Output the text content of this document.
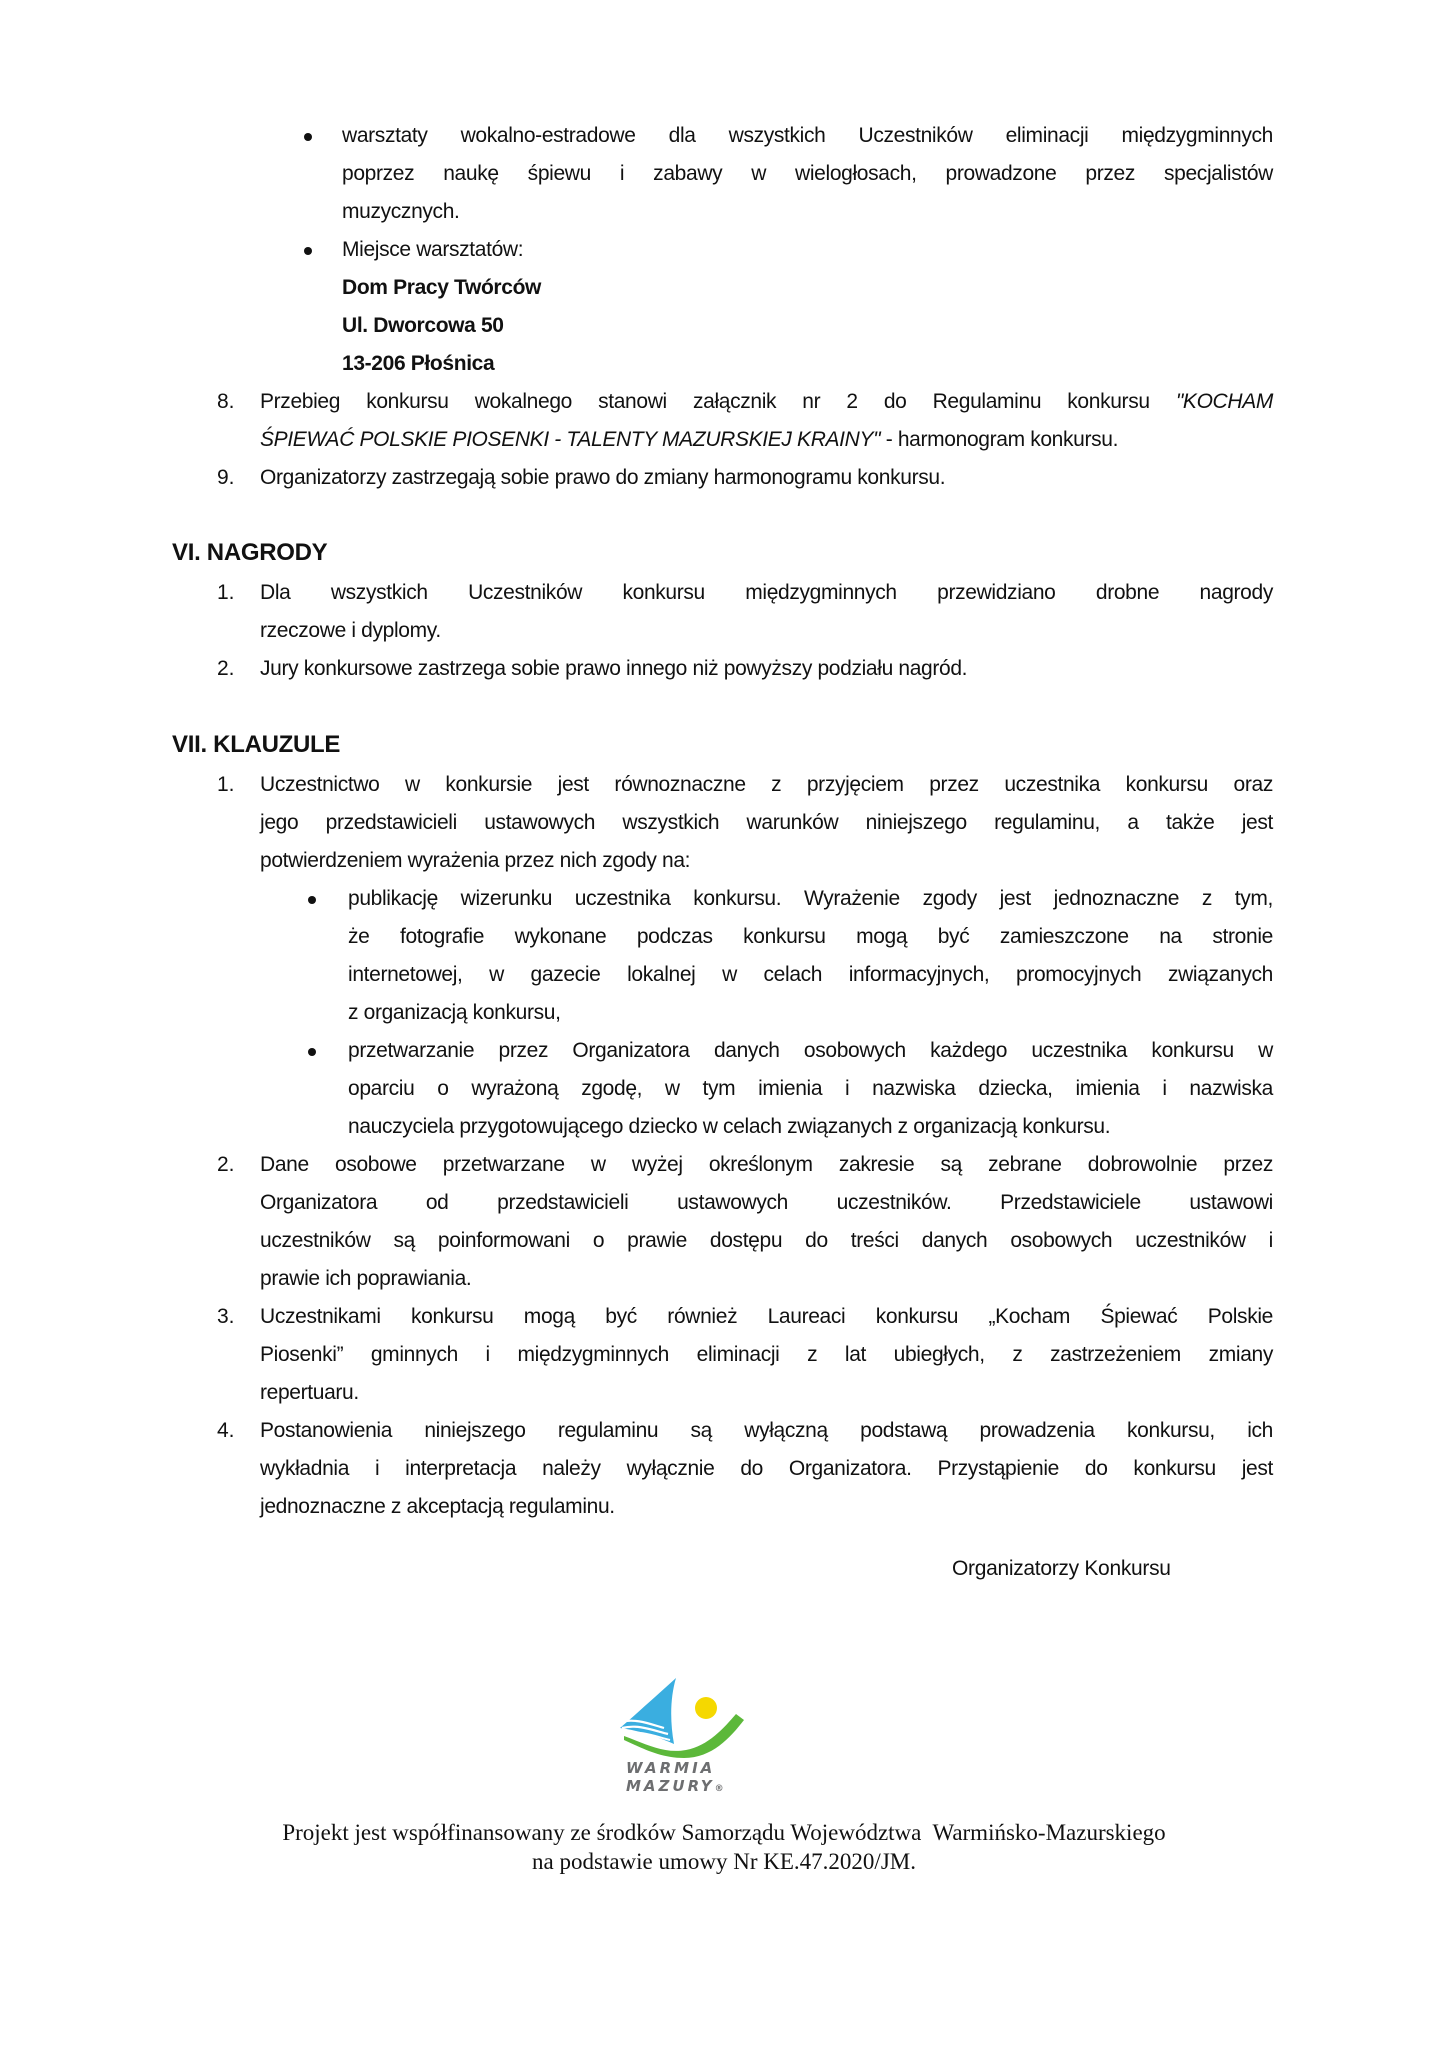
warsztaty wokalno-estradowe dla wszystkich Uczestników eliminacji międzygminnych
poprzez naukę śpiewu i zabawy w wielogłosach, prowadzone przez specjalistów
muzycznych.
Miejsce warsztatów:
Dom Pracy Twórców
Ul. Dworcowa 50
13-206 Płośnica
8. Przebieg konkursu wokalnego stanowi załącznik nr 2 do Regulaminu konkursu "KOCHAM
ŚPIEWAĆ POLSKIE PIOSENKI - TALENTY MAZURSKIEJ KRAINY" - harmonogram konkursu.
9. Organizatorzy zastrzegają sobie prawo do zmiany harmonogramu konkursu.
VI. NAGRODY
1. Dla wszystkich Uczestników konkursu międzygminnych przewidziano drobne nagrody
rzeczowe i dyplomy.
2. Jury konkursowe zastrzega sobie prawo innego niż powyższy podziału nagród.
VII. KLAUZULE
1. Uczestnictwo w konkursie jest równoznaczne z przyjęciem przez uczestnika konkursu oraz
jego przedstawicieli ustawowych wszystkich warunków niniejszego regulaminu, a także jest
potwierdzeniem wyrażenia przez nich zgody na:
publikację wizerunku uczestnika konkursu. Wyrażenie zgody jest jednoznaczne z tym,
że fotografie wykonane podczas konkursu mogą być zamieszczone na stronie
internetowej, w gazecie lokalnej w celach informacyjnych, promocyjnych związanych
z organizacją konkursu,
przetwarzanie przez Organizatora danych osobowych każdego uczestnika konkursu w
oparciu o wyrażoną zgodę, w tym imienia i nazwiska dziecka, imienia i nazwiska
nauczyciela przygotowującego dziecko w celach związanych z organizacją konkursu.
2. Dane osobowe przetwarzane w wyżej określonym zakresie są zebrane dobrowolnie przez
Organizatora od przedstawicieli ustawowych uczestników. Przedstawiciele ustawowi
uczestników są poinformowani o prawie dostępu do treści danych osobowych uczestników i
prawie ich poprawiania.
3. Uczestnikami konkursu mogą być również Laureaci konkursu „Kocham Śpiewać Polskie
Piosenki” gminnych i międzygminnych eliminacji z lat ubiegłych, z zastrzeżeniem zmiany
repertuaru.
4. Postanowienia niniejszego regulaminu są wyłączną podstawą prowadzenia konkursu, ich
wykładnia i interpretacja należy wyłącznie do Organizatora. Przystąpienie do konkursu jest
jednoznaczne z akceptacją regulaminu.
Organizatorzy Konkursu
WARMIA
MAZURY®
Projekt jest współfinansowany ze środków Samorządu Województwa  Warmińsko-Mazurskiego
na podstawie umowy Nr KE.47.2020/JM.
